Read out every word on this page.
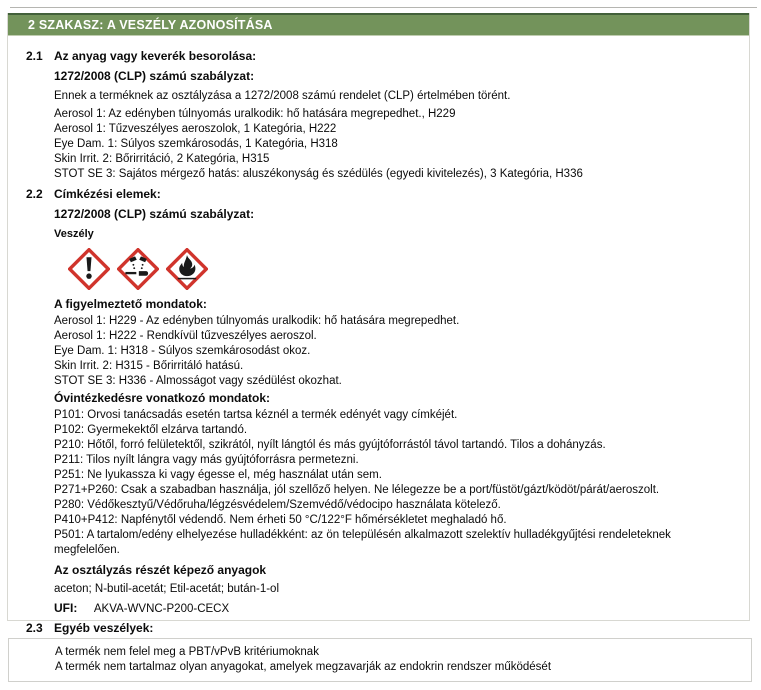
2 SZAKASZ: A VESZÉLY AZONOSÍTÁSA
2.1 Az anyag vagy keverék besorolása:
1272/2008 (CLP) számú szabályzat:
Ennek a terméknek az osztályzása a 1272/2008 számú rendelet (CLP) értelmében törént.
Aerosol 1: Az edényben túlnyomás uralkodik: hő hatására megrepedhet., H229
Aerosol 1: Tűzveszélyes aeroszolok, 1 Kategória, H222
Eye Dam. 1: Súlyos szemkárosodás, 1 Kategória, H318
Skin Irrit. 2: Bőrirritáció, 2 Kategória, H315
STOT SE 3: Sajátos mérgező hatás: aluszékonyság és szédülés (egyedi kivitelezés), 3 Kategória, H336
2.2 Címkézési elemek:
1272/2008 (CLP) számú szabályzat:
Veszély
A figyelmeztető mondatok:
Aerosol 1: H229 - Az edényben túlnyomás uralkodik: hő hatására megrepedhet.
Aerosol 1: H222 - Rendkívül tűzveszélyes aeroszol.
Eye Dam. 1: H318 - Súlyos szemkárosodást okoz.
Skin Irrit. 2: H315 - Bőrirritáló hatású.
STOT SE 3: H336 - Almosságot vagy szédülést okozhat.
Óvintézkedésre vonatkozó mondatok:
P101: Orvosi tanácsadás esetén tartsa kéznél a termék edényét vagy címkéjét.
P102: Gyermekektől elzárva tartandó.
P210: Hőtől, forró felületektől, szikrától, nyílt lángtól és más gyújtóforrástól távol tartandó. Tilos a dohányzás.
P211: Tilos nyílt lángra vagy más gyújtóforrásra permetezni.
P251: Ne lyukassza ki vagy égesse el, még használat után sem.
P271+P260: Csak a szabadban használja, jól szellőző helyen. Ne lélegezze be a port/füstöt/gázt/ködöt/párát/aeroszolt.
P280: Védőkesztyű/Védőruha/légzésvédelem/Szemvédő/védocipo használata kötelező.
P410+P412: Napfénytől védendő. Nem érheti 50 °C/122°F hőmérsékletet meghaladó hő.
P501: A tartalom/edény elhelyezése hulladékként: az ön településén alkalmazott szelektív hulladékgyűjtési rendeleteknek megfelelően.
Az osztályzás részét képező anyagok
aceton; N-butil-acetát; Etil-acetát; bután-1-ol
UFI: AKVA-WVNC-P200-CECX
2.3 Egyéb veszélyek:
A termék nem felel meg a PBT/vPvB kritériumoknak
A termék nem tartalmaz olyan anyagokat, amelyek megzavarják az endokrin rendszer működését
